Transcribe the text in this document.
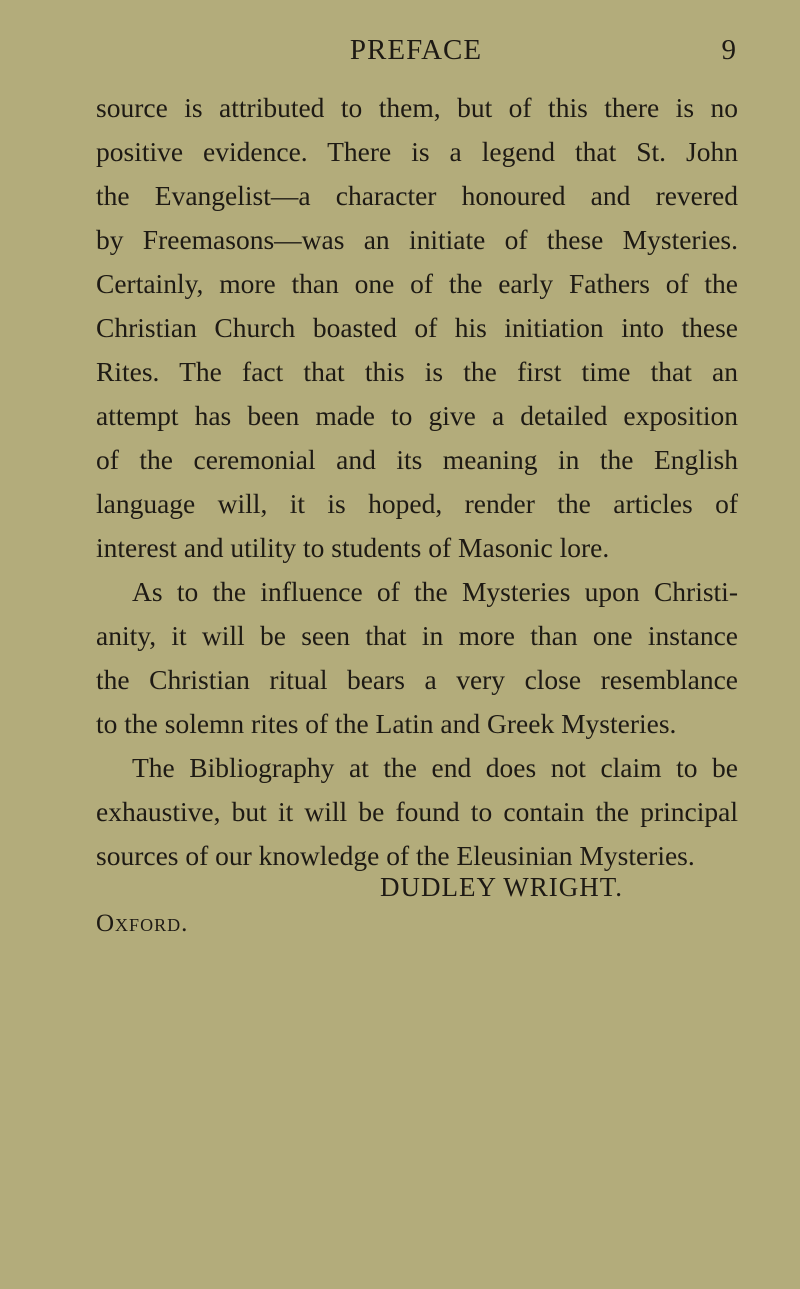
PREFACE	9
source is attributed to them, but of this there is no
positive evidence. There is a legend that St. John
the Evangelist—a character honoured and revered
by Freemasons—was an initiate of these Mysteries.
Certainly, more than one of the early Fathers of the
Christian Church boasted of his initiation into these
Rites. The fact that this is the first time that an
attempt has been made to give a detailed exposition
of the ceremonial and its meaning in the English
language will, it is hoped, render the articles of
interest and utility to students of Masonic lore.
As to the influence of the Mysteries upon Christi-
anity, it will be seen that in more than one instance
the Christian ritual bears a very close resemblance
to the solemn rites of the Latin and Greek Mysteries.
The Bibliography at the end does not claim to be
exhaustive, but it will be found to contain the principal
sources of our knowledge of the Eleusinian Mysteries.
DUDLEY WRIGHT.
Oxford.
